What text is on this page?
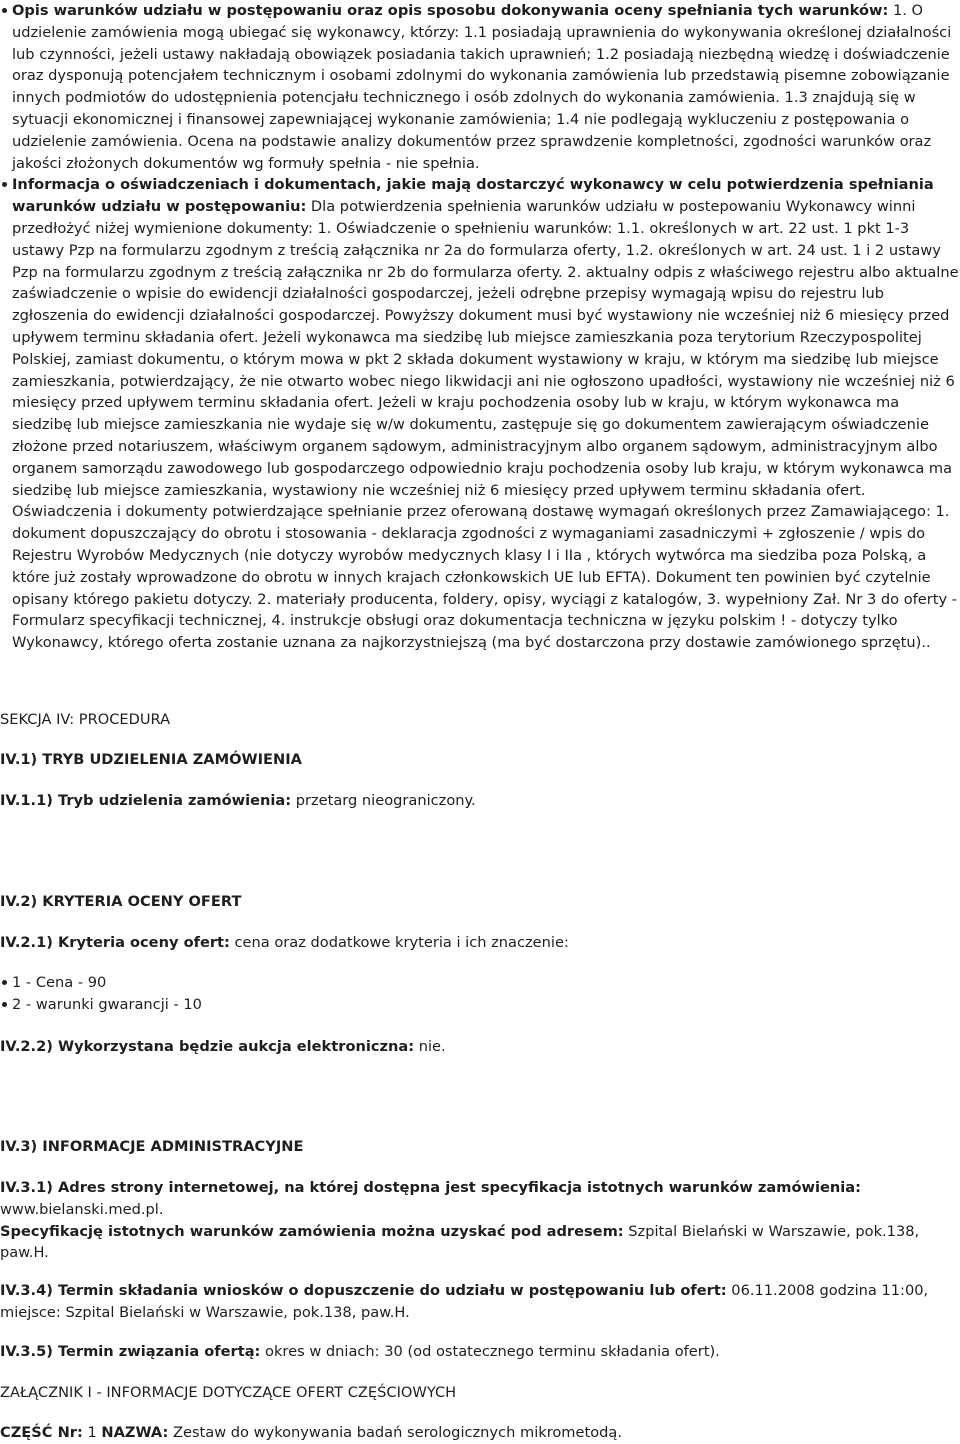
Opis warunków udziału w postępowaniu oraz opis sposobu dokonywania oceny spełniania tych warunków: 1. O udzielenie zamówienia mogą ubiegać się wykonawcy, którzy: 1.1 posiadają uprawnienia do wykonywania określonej działalności lub czynności, jeżeli ustawy nakładają obowiązek posiadania takich uprawnień; 1.2 posiadają niezbędną wiedzę i doświadczenie oraz dysponują potencjałem technicznym i osobami zdolnymi do wykonania zamówienia lub przedstawią pisemne zobowiązanie innych podmiotów do udostępnienia potencjału technicznego i osób zdolnych do wykonania zamówienia. 1.3 znajdują się w sytuacji ekonomicznej i finansowej zapewniającej wykonanie zamówienia; 1.4 nie podlegają wykluczeniu z postępowania o udzielenie zamówienia. Ocena na podstawie analizy dokumentów przez sprawdzenie kompletności, zgodności warunków oraz jakości złożonych dokumentów wg formuły spełnia - nie spełnia.
Informacja o oświadczeniach i dokumentach, jakie mają dostarczyć wykonawcy w celu potwierdzenia spełniania warunków udziału w postępowaniu: Dla potwierdzenia spełnienia warunków udziału w postepowaniu Wykonawcy winni przedłożyć niżej wymienione dokumenty: 1. Oświadczenie o spełnieniu warunków: 1.1. określonych w art. 22 ust. 1 pkt 1-3 ustawy Pzp na formularzu zgodnym z treścią załącznika nr 2a do formularza oferty, 1.2. określonych w art. 24 ust. 1 i 2 ustawy Pzp na formularzu zgodnym z treścią załącznika nr 2b do formularza oferty. 2. aktualny odpis z właściwego rejestru albo aktualne zaświadczenie o wpisie do ewidencji działalności gospodarczej, jeżeli odrębne przepisy wymagają wpisu do rejestru lub zgłoszenia do ewidencji działalności gospodarczej. Powyższy dokument musi być wystawiony nie wcześniej niż 6 miesięcy przed upływem terminu składania ofert. Jeżeli wykonawca ma siedzibę lub miejsce zamieszkania poza terytorium Rzeczypospolitej Polskiej, zamiast dokumentu, o którym mowa w pkt 2 składa dokument wystawiony w kraju, w którym ma siedzibę lub miejsce zamieszkania, potwierdzający, że nie otwarto wobec niego likwidacji ani nie ogłoszono upadłości, wystawiony nie wcześniej niż 6 miesięcy przed upływem terminu składania ofert. Jeżeli w kraju pochodzenia osoby lub w kraju, w którym wykonawca ma siedzibę lub miejsce zamieszkania nie wydaje się w/w dokumentu, zastępuje się go dokumentem zawierającym oświadczenie złożone przed notariuszem, właściwym organem sądowym, administracyjnym albo organem sądowym, administracyjnym albo organem samorządu zawodowego lub gospodarczego odpowiednio kraju pochodzenia osoby lub kraju, w którym wykonawca ma siedzibę lub miejsce zamieszkania, wystawiony nie wcześniej niż 6 miesięcy przed upływem terminu składania ofert. Oświadczenia i dokumenty potwierdzające spełnianie przez oferowaną dostawę wymagań określonych przez Zamawiającego: 1. dokument dopuszczający do obrotu i stosowania - deklaracja zgodności z wymaganiami zasadniczymi + zgłoszenie / wpis do Rejestru Wyrobów Medycznych (nie dotyczy wyrobów medycznych klasy I i IIa , których wytwórca ma siedziba poza Polską, a które już zostały wprowadzone do obrotu w innych krajach członkowskich UE lub EFTA). Dokument ten powinien być czytelnie opisany którego pakietu dotyczy. 2. materiały producenta, foldery, opisy, wyciągi z katalogów, 3. wypełniony Zał. Nr 3 do oferty - Formularz specyfikacji technicznej, 4. instrukcje obsługi oraz dokumentacja techniczna w języku polskim ! - dotyczy tylko Wykonawcy, którego oferta zostanie uznana za najkorzystniejszą (ma być dostarczona przy dostawie zamówionego sprzętu)..
SEKCJA IV: PROCEDURA
IV.1) TRYB UDZIELENIA ZAMÓWIENIA
IV.1.1) Tryb udzielenia zamówienia: przetarg nieograniczony.
IV.2) KRYTERIA OCENY OFERT
IV.2.1) Kryteria oceny ofert: cena oraz dodatkowe kryteria i ich znaczenie:
1 - Cena - 90
2 - warunki gwarancji - 10
IV.2.2) Wykorzystana będzie aukcja elektroniczna: nie.
IV.3) INFORMACJE ADMINISTRACYJNE
IV.3.1) Adres strony internetowej, na której dostępna jest specyfikacja istotnych warunków zamówienia: www.bielanski.med.pl.
Specyfikację istotnych warunków zamówienia można uzyskać pod adresem: Szpital Bielański w Warszawie, pok.138, paw.H.
IV.3.4) Termin składania wniosków o dopuszczenie do udziału w postępowaniu lub ofert: 06.11.2008 godzina 11:00, miejsce: Szpital Bielański w Warszawie, pok.138, paw.H.
IV.3.5) Termin związania ofertą: okres w dniach: 30 (od ostatecznego terminu składania ofert).
ZAŁĄCZNIK I - INFORMACJE DOTYCZĄCE OFERT CZĘŚCIOWYCH
CZĘŚĆ Nr: 1 NAZWA: Zestaw do wykonywania badań serologicznych mikrometodą.
